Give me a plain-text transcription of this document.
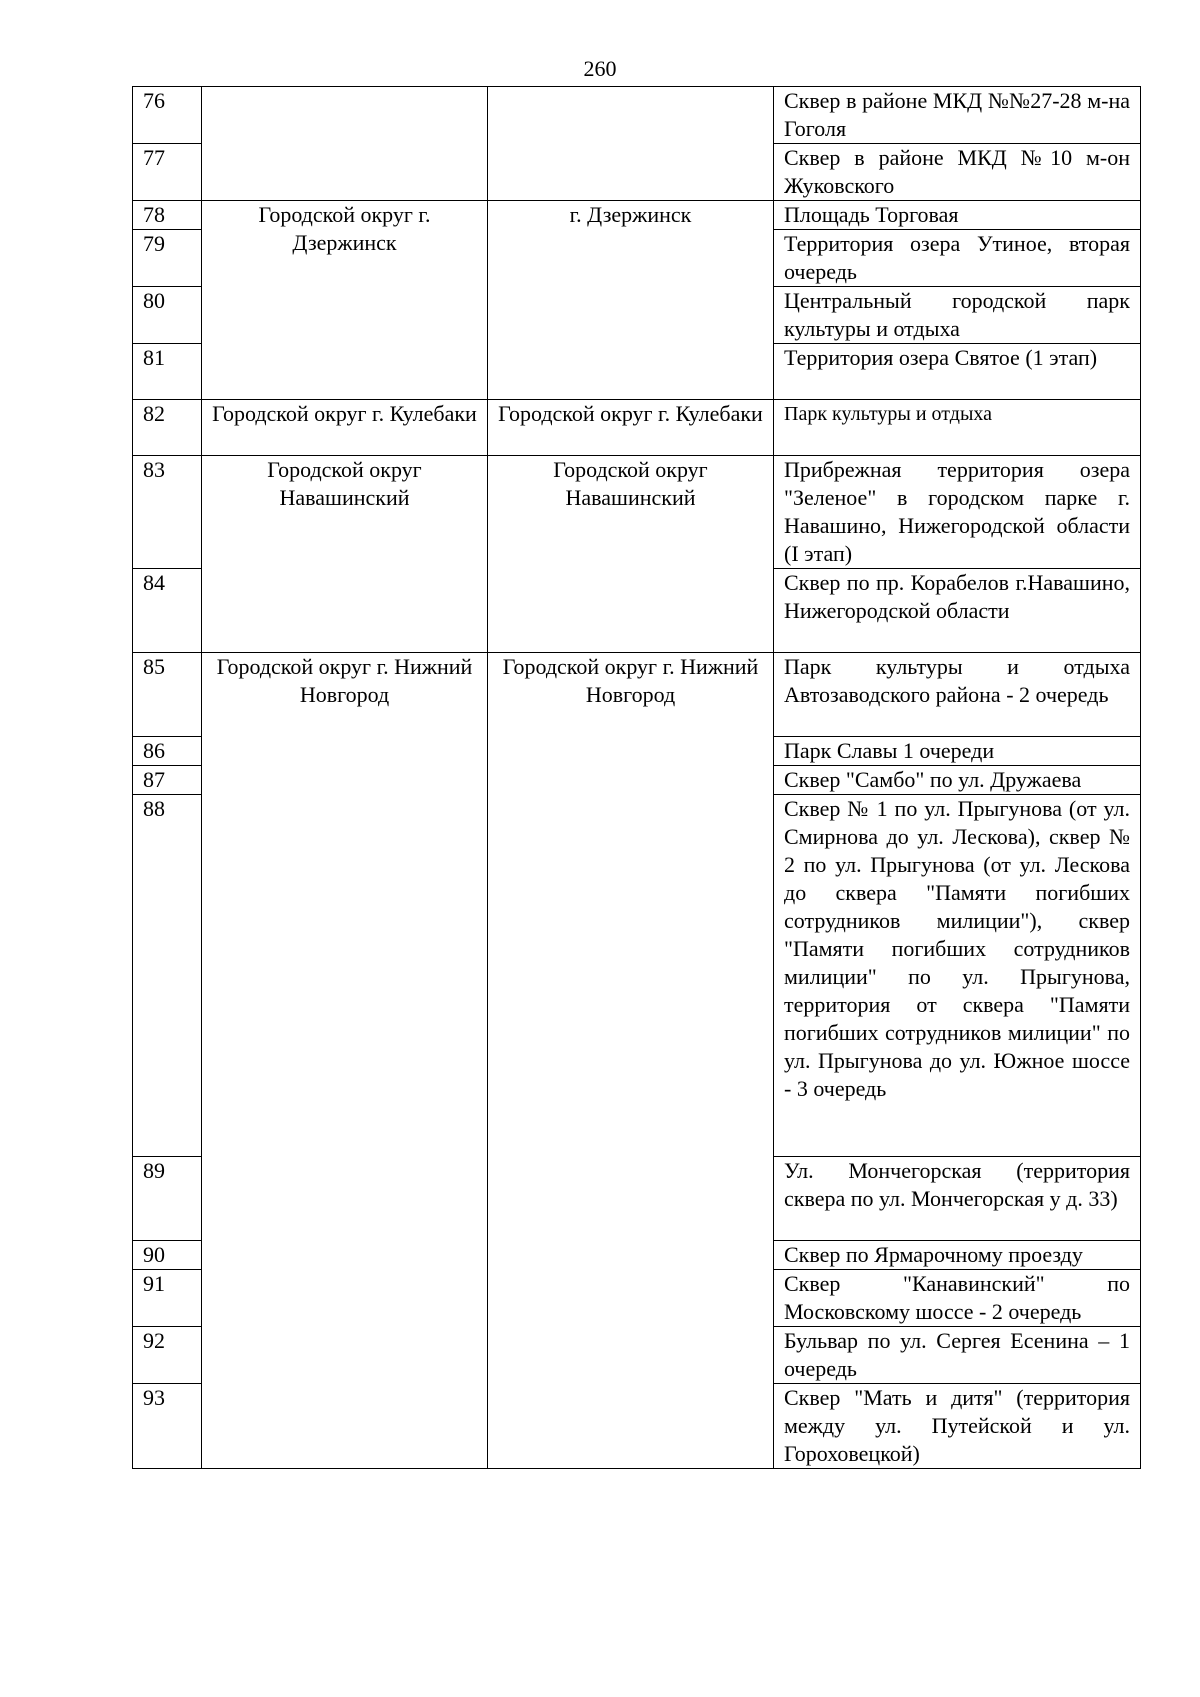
260
76			Сквер в районе МКД №№27-28 м-на Гоголя
77			Сквер в районе МКД №10 м-он Жуковского
78	Городской округ г. Дзержинск	г. Дзержинск	Площадь Торговая
79			Территория озера Утиное, вторая очередь
80			Центральный городской парк культуры и отдыха
81			Территория озера Святое (1 этап)
82	Городской округ г. Кулебаки	Городской округ г. Кулебаки	Парк культуры и отдыха
83	Городской округ Навашинский	Городской округ Навашинский	Прибрежная территория озера "Зеленое" в городском парке г. Навашино, Нижегородской области (I этап)
84			Сквер по пр. Корабелов г.Навашино, Нижегородской области
85	Городской округ г. Нижний Новгород	Городской округ г. Нижний Новгород	Парк культуры и отдыха Автозаводского района - 2 очередь
86			Парк Славы 1 очереди
87			Сквер "Самбо" по ул. Дружаева
88			Сквер № 1 по ул. Прыгунова (от ул. Смирнова до ул. Лескова), сквер № 2 по ул. Прыгунова (от ул. Лескова до сквера "Памяти погибших сотрудников милиции"), сквер "Памяти погибших сотрудников милиции" по ул. Прыгунова, территория от сквера "Памяти погибших сотрудников милиции" по ул. Прыгунова до ул. Южное шоссе - 3 очередь
89			Ул. Мончегорская (территория сквера по ул. Мончегорская у д. 33)
90			Сквер по Ярмарочному проезду
91			Сквер "Канавинский" по Московскому шоссе - 2 очередь
92			Бульвар по ул. Сергея Есенина – 1 очередь
93			Сквер "Мать и дитя" (территория между ул. Путейской и ул. Гороховецкой)
